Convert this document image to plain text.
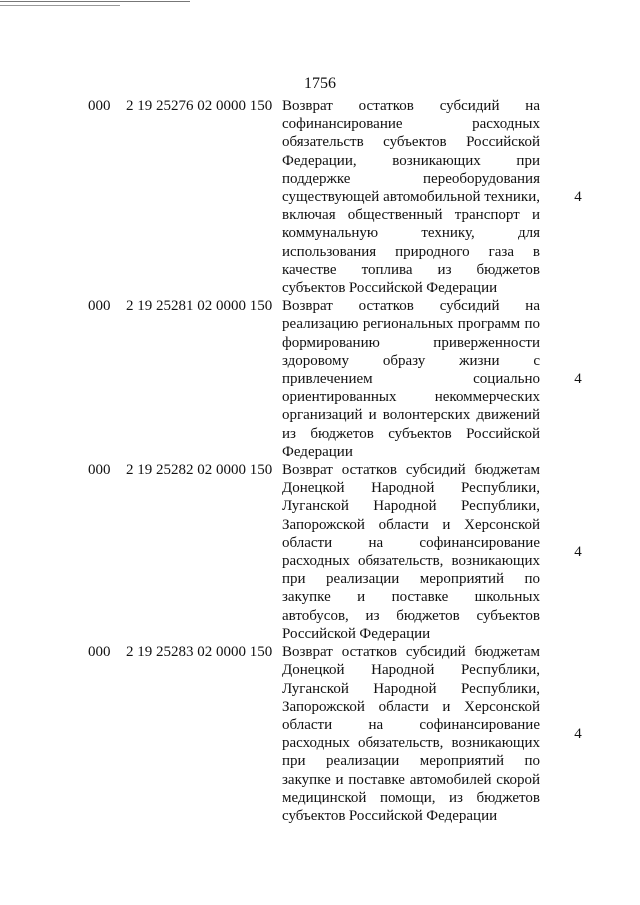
1756
000 2 19 25276 02 0000 150 Возврат остатков субсидий на софинансирование расходных обязательств субъектов Российской Федерации, возникающих при поддержке переоборудования существующей автомобильной техники, включая общественный транспорт и коммунальную технику, для использования природного газа в качестве топлива из бюджетов субъектов Российской Федерации
4
000 2 19 25281 02 0000 150 Возврат остатков субсидий на реализацию региональных программ по формированию приверженности здоровому образу жизни с привлечением социально ориентированных некоммерческих организаций и волонтерских движений из бюджетов субъектов Российской Федерации
4
000 2 19 25282 02 0000 150 Возврат остатков субсидий бюджетам Донецкой Народной Республики, Луганской Народной Республики, Запорожской области и Херсонской области на софинансирование расходных обязательств, возникающих при реализации мероприятий по закупке и поставке школьных автобусов, из бюджетов субъектов Российской Федерации
4
000 2 19 25283 02 0000 150 Возврат остатков субсидий бюджетам Донецкой Народной Республики, Луганской Народной Республики, Запорожской области и Херсонской области на софинансирование расходных обязательств, возникающих при реализации мероприятий по закупке и поставке автомобилей скорой медицинской помощи, из бюджетов субъектов Российской Федерации
4
